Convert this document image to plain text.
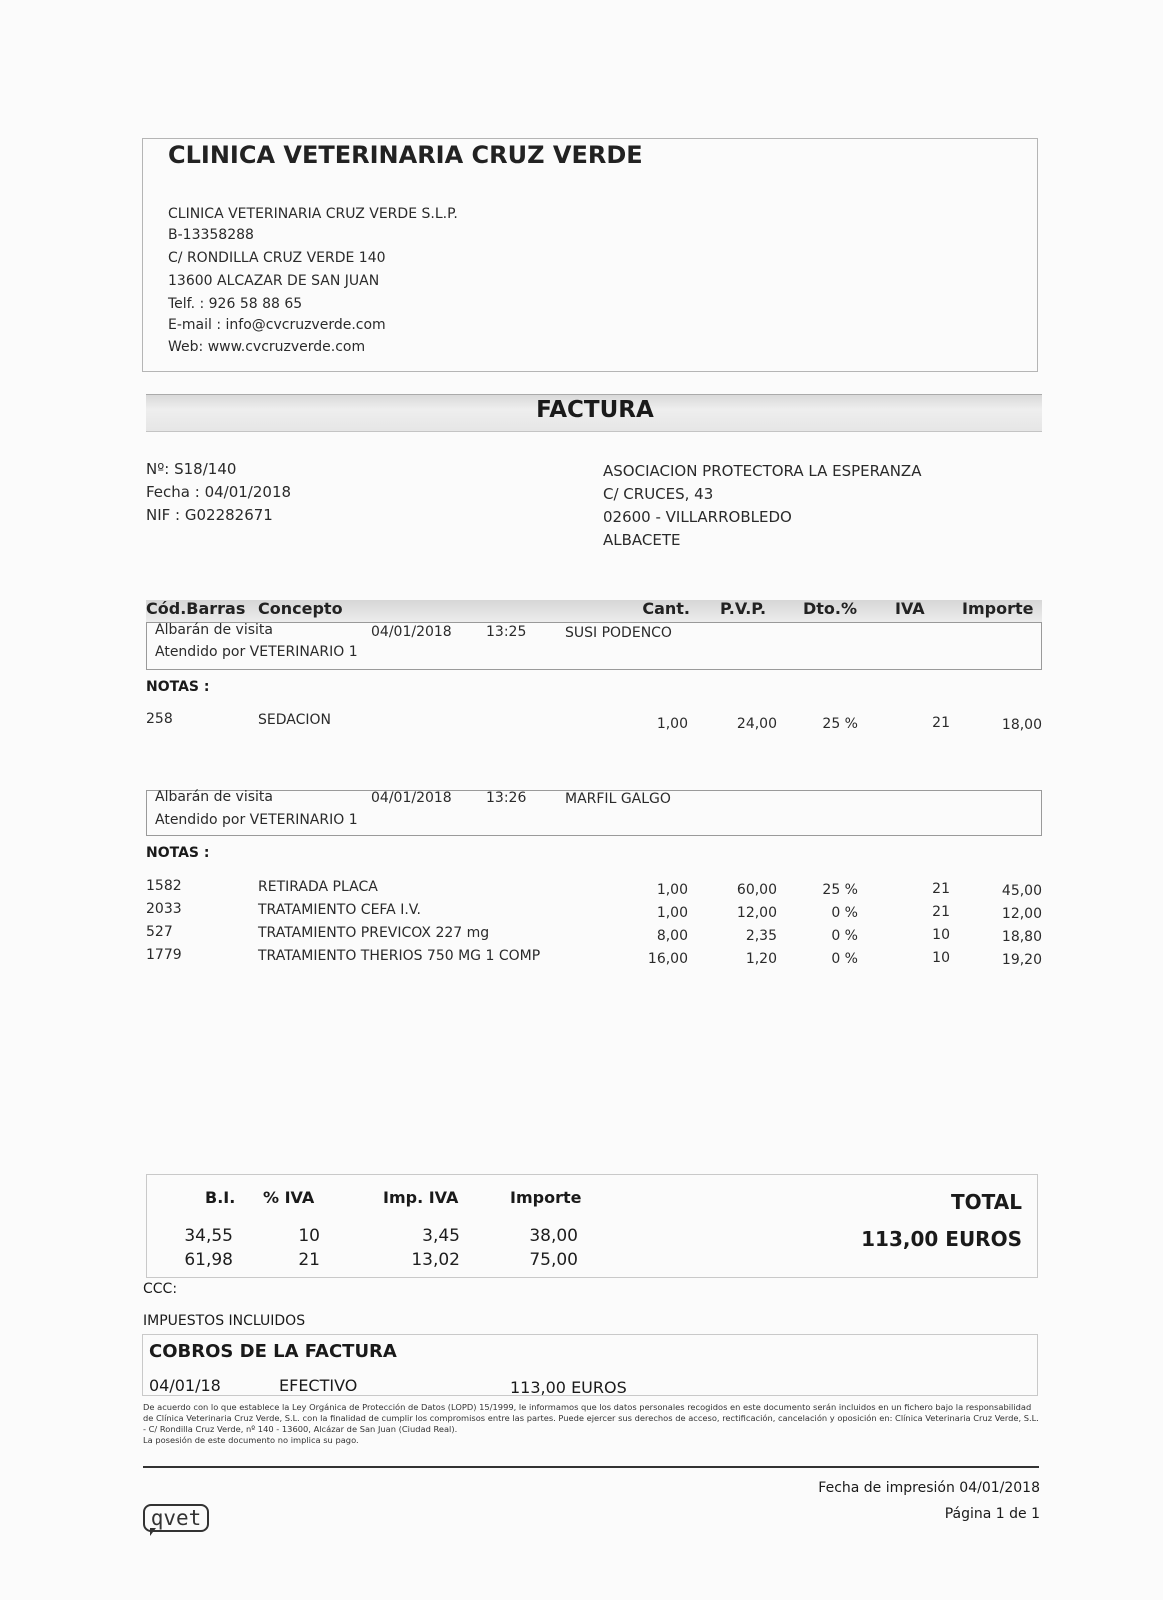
CLINICA VETERINARIA CRUZ VERDE
CLINICA VETERINARIA CRUZ VERDE S.L.P.
B-13358288
C/ RONDILLA CRUZ VERDE 140
13600 ALCAZAR DE SAN JUAN
Telf. : 926 58 88 65
E-mail : info@cvcruzverde.com
Web: www.cvcruzverde.com
FACTURA
Nº: S18/140
Fecha : 04/01/2018
NIF : G02282671
ASOCIACION PROTECTORA LA ESPERANZA
C/ CRUCES, 43
02600 - VILLARROBLEDO
ALBACETE
Cód.Barras Concepto	Cant. P.V.P. Dto.% IVA Importe
Albarán de visita	04/01/2018 13:25	SUSI PODENCO
Atendido por VETERINARIO 1
NOTAS :
258	SEDACION	1,00	24,00	25 %	21	18,00
Albarán de visita	04/01/2018 13:26	MARFIL GALGO
Atendido por VETERINARIO 1
NOTAS :
1582	RETIRADA PLACA	1,00	60,00	25 %	21	45,00
2033	TRATAMIENTO CEFA I.V.	1,00	12,00	0 %	21	12,00
527	TRATAMIENTO PREVICOX 227 mg	8,00	2,35	0 %	10	18,80
1779	TRATAMIENTO THERIOS 750 MG 1 COMP	16,00	1,20	0 %	10	19,20
B.I. % IVA	Imp. IVA	Importe
34,55	10	3,45	38,00
61,98	21	13,02	75,00
TOTAL
113,00 EUROS
CCC:
IMPUESTOS INCLUIDOS
COBROS DE LA FACTURA
04/01/18	EFECTIVO	113,00 EUROS
De acuerdo con lo que establece la Ley Orgánica de Protección de Datos (LOPD) 15/1999, le informamos que los datos personales recogidos en este documento serán incluidos en un fichero bajo la responsabilidad de Clínica Veterinaria Cruz Verde, S.L. con la finalidad de cumplir los compromisos entre las partes. Puede ejercer sus derechos de acceso, rectificación, cancelación y oposición en: Clínica Veterinaria Cruz Verde, S.L. - C/ Rondilla Cruz Verde, nº 140 - 13600, Alcázar de San Juan (Ciudad Real).
La posesión de este documento no implica su pago.
Fecha de impresión 04/01/2018
Página 1 de 1
qvet
